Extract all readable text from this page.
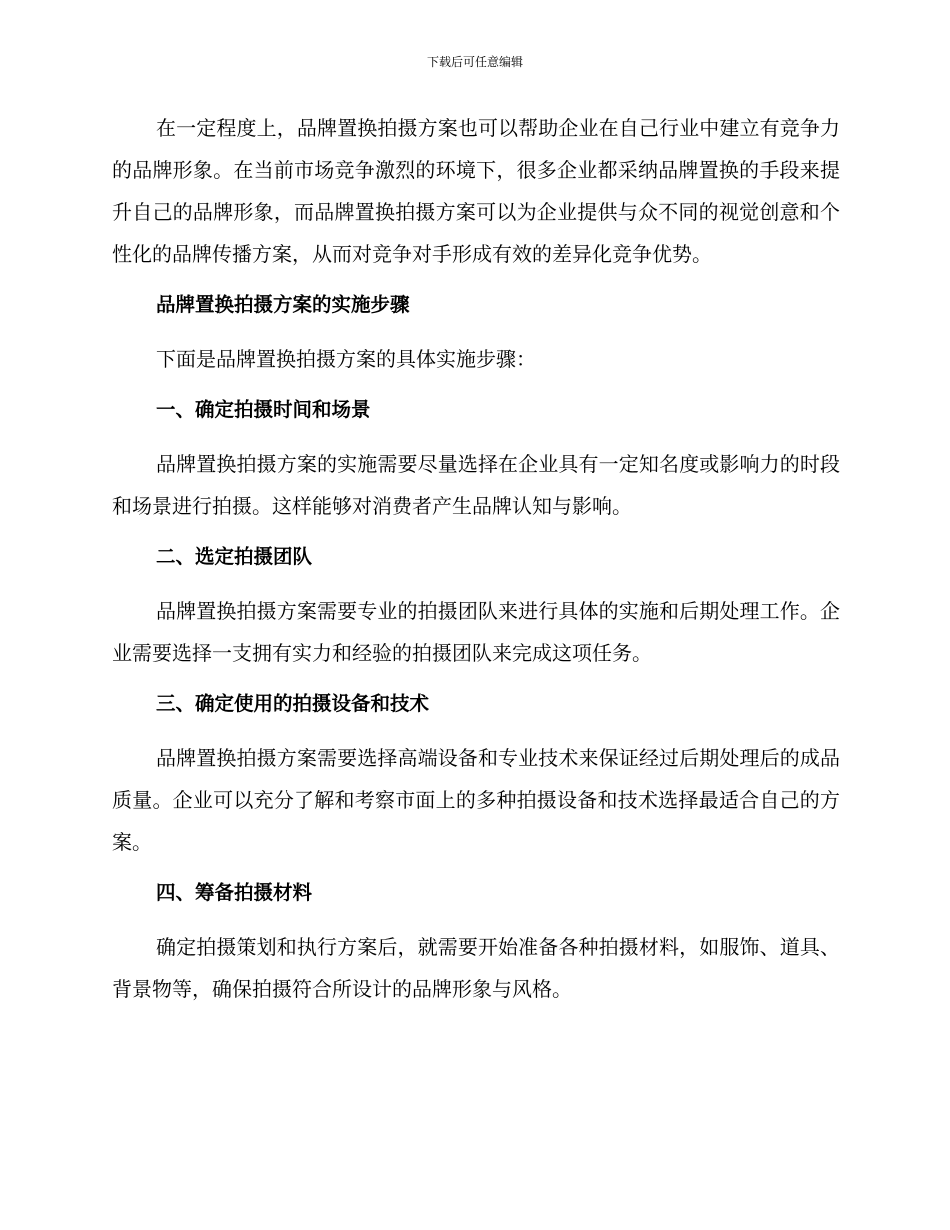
下载后可任意编辑

在一定程度上，品牌置换拍摄方案也可以帮助企业在自己行业中建立有竞争力的品牌形象。在当前市场竞争激烈的环境下，很多企业都采纳品牌置换的手段来提升自己的品牌形象，而品牌置换拍摄方案可以为企业提供与众不同的视觉创意和个性化的品牌传播方案，从而对竞争对手形成有效的差异化竞争优势。

品牌置换拍摄方案的实施步骤

下面是品牌置换拍摄方案的具体实施步骤：

一、确定拍摄时间和场景

品牌置换拍摄方案的实施需要尽量选择在企业具有一定知名度或影响力的时段和场景进行拍摄。这样能够对消费者产生品牌认知与影响。

二、选定拍摄团队

品牌置换拍摄方案需要专业的拍摄团队来进行具体的实施和后期处理工作。企业需要选择一支拥有实力和经验的拍摄团队来完成这项任务。

三、确定使用的拍摄设备和技术

品牌置换拍摄方案需要选择高端设备和专业技术来保证经过后期处理后的成品质量。企业可以充分了解和考察市面上的多种拍摄设备和技术选择最适合自己的方案。

四、筹备拍摄材料

确定拍摄策划和执行方案后，就需要开始准备各种拍摄材料，如服饰、道具、背景物等，确保拍摄符合所设计的品牌形象与风格。
